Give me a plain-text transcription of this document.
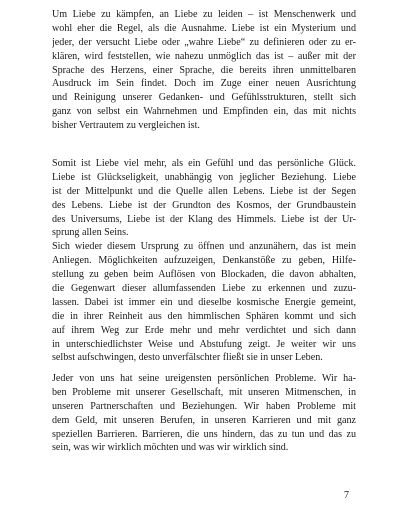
Um Liebe zu kämpfen, an Liebe zu leiden – ist Menschenwerk und
wohl eher die Regel, als die Ausnahme. Liebe ist ein Mysterium und
jeder, der versucht Liebe oder „wahre Liebe“ zu definieren oder zu er-
klären, wird feststellen, wie nahezu unmöglich das ist – außer mit der
Sprache des Herzens, einer Sprache, die bereits ihren unmittelbaren
Ausdruck im Sein findet. Doch im Zuge einer neuen Ausrichtung
und Reinigung unserer Gedanken- und Gefühlsstrukturen, stellt sich
ganz von selbst ein Wahrnehmen und Empfinden ein, das mit nichts
bisher Vertrautem zu vergleichen ist.
Somit ist Liebe viel mehr, als ein Gefühl und das persönliche Glück.
Liebe ist Glückseligkeit, unabhängig von jeglicher Beziehung. Liebe
ist der Mittelpunkt und die Quelle allen Lebens. Liebe ist der Segen
des Lebens. Liebe ist der Grundton des Kosmos, der Grundbaustein
des Universums, Liebe ist der Klang des Himmels. Liebe ist der Ur-
sprung allen Seins.
Sich wieder diesem Ursprung zu öffnen und anzunähern, das ist mein
Anliegen. Möglichkeiten aufzuzeigen, Denkanstöße zu geben, Hilfe-
stellung zu geben beim Auflösen von Blockaden, die davon abhalten,
die Gegenwart dieser allumfassenden Liebe zu erkennen und zuzu-
lassen. Dabei ist immer ein und dieselbe kosmische Energie gemeint,
die in ihrer Reinheit aus den himmlischen Sphären kommt und sich
auf ihrem Weg zur Erde mehr und mehr verdichtet und sich dann
in unterschiedlichster Weise und Abstufung zeigt. Je weiter wir uns
selbst aufschwingen, desto unverfälschter fließt sie in unser Leben.
Jeder von uns hat seine ureigensten persönlichen Probleme. Wir ha-
ben Probleme mit unserer Gesellschaft, mit unseren Mitmenschen, in
unseren Partnerschaften und Beziehungen. Wir haben Probleme mit
dem Geld, mit unseren Berufen, in unseren Karrieren und mit ganz
speziellen Barrieren. Barrieren, die uns hindern, das zu tun und das zu
sein, was wir wirklich möchten und was wir wirklich sind.
7
